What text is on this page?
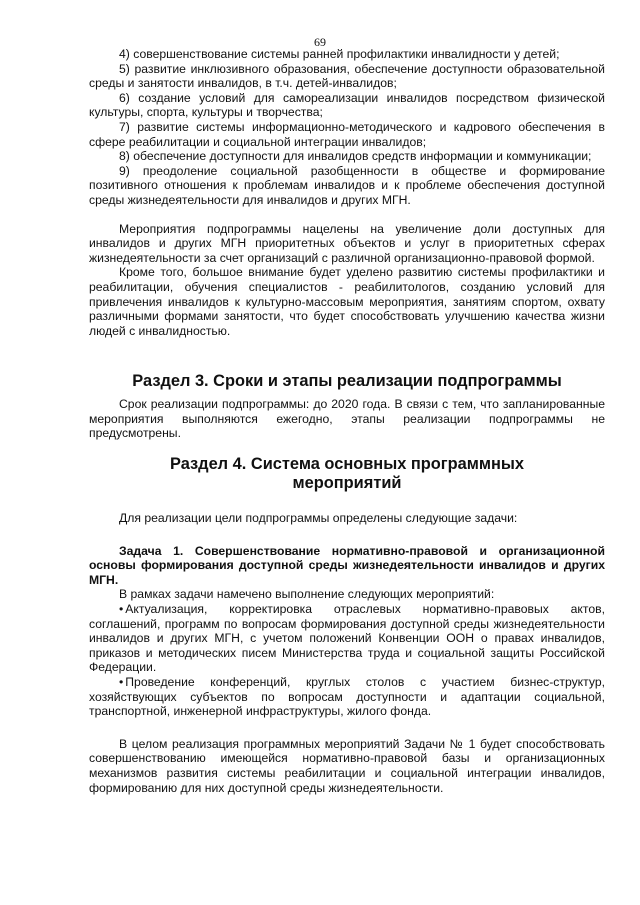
69

4) совершенствование системы ранней профилактики инвалидности у детей;

5) развитие инклюзивного образования, обеспечение доступности образовательной среды и занятости инвалидов, в т.ч. детей-инвалидов;

6) создание условий для самореализации инвалидов посредством физической культуры, спорта, культуры и творчества;

7) развитие системы информационно-методического и кадрового обеспечения в сфере реабилитации и социальной интеграции инвалидов;

8) обеспечение доступности для инвалидов средств информации и коммуникации;

9) преодоление социальной разобщенности в обществе и формирование позитивного отношения к проблемам инвалидов и к проблеме обеспечения доступной среды жизнедеятельности для инвалидов и других МГН.

Мероприятия подпрограммы нацелены на увеличение доли доступных для инвалидов и других МГН приоритетных объектов и услуг в приоритетных сферах жизнедеятельности за счет организаций с различной организационно-правовой формой.

Кроме того, большое внимание будет уделено развитию системы профилактики и реабилитации, обучения специалистов - реабилитологов, созданию условий для привлечения инвалидов к культурно-массовым мероприятия, занятиям спортом, охвату различными формами занятости, что будет способствовать улучшению качества жизни людей с инвалидностью.

Раздел 3. Сроки и этапы реализации подпрограммы

Срок реализации подпрограммы: до 2020 года. В связи с тем, что запланированные мероприятия выполняются ежегодно, этапы реализации подпрограммы не предусмотрены.

Раздел 4. Система основных программных мероприятий

Для реализации цели подпрограммы определены следующие задачи:

Задача 1. Совершенствование нормативно-правовой и организационной основы формирования доступной среды жизнедеятельности инвалидов и других МГН.

В рамках задачи намечено выполнение следующих мероприятий:

• Актуализация, корректировка отраслевых нормативно-правовых актов, соглашений, программ по вопросам формирования доступной среды жизнедеятельности инвалидов и других МГН, с учетом положений Конвенции ООН о правах инвалидов, приказов и методических писем Министерства труда и социальной защиты Российской Федерации.

• Проведение конференций, круглых столов с участием бизнес-структур, хозяйствующих субъектов по вопросам доступности и адаптации социальной, транспортной, инженерной инфраструктуры, жилого фонда.

В целом реализация программных мероприятий Задачи № 1 будет способствовать совершенствованию имеющейся нормативно-правовой базы и организационных механизмов развития системы реабилитации и социальной интеграции инвалидов, формированию для них доступной среды жизнедеятельности.
